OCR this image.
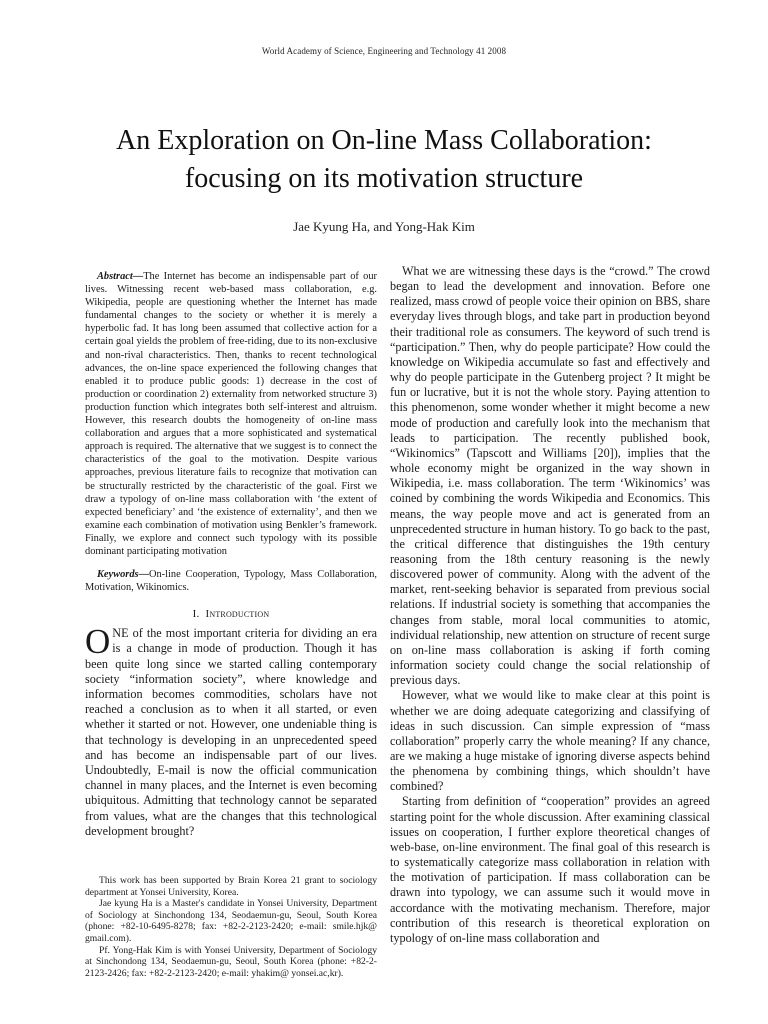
World Academy of Science, Engineering and Technology 41 2008
An Exploration on On-line Mass Collaboration:
focusing on its motivation structure
Jae Kyung Ha, and Yong-Hak Kim

Abstract—The Internet has become an indispensable part of our lives. Witnessing recent web-based mass collaboration, e.g. Wikipedia, people are questioning whether the Internet has made fundamental changes to the society or whether it is merely a hyperbolic fad. It has long been assumed that collective action for a certain goal yields the problem of free-riding, due to its non-exclusive and non-rival characteristics. Then, thanks to recent technological advances, the on-line space experienced the following changes that enabled it to produce public goods: 1) decrease in the cost of production or coordination 2) externality from networked structure 3) production function which integrates both self-interest and altruism. However, this research doubts the homogeneity of on-line mass collaboration and argues that a more sophisticated and systematical approach is required. The alternative that we suggest is to connect the characteristics of the goal to the motivation. Despite various approaches, previous literature fails to recognize that motivation can be structurally restricted by the characteristic of the goal. First we draw a typology of on-line mass collaboration with ‘the extent of expected beneficiary’ and ‘the existence of externality’, and then we examine each combination of motivation using Benkler’s framework. Finally, we explore and connect such typology with its possible dominant participating motivation

Keywords—On-line Cooperation, Typology, Mass Collaboration, Motivation, Wikinomics.

I. Introduction

ONE of the most important criteria for dividing an era is a change in mode of production. Though it has been quite long since we started calling contemporary society “information society”, where knowledge and information becomes commodities, scholars have not reached a conclusion as to when it all started, or even whether it started or not. However, one undeniable thing is that technology is developing in an unprecedented speed and has become an indispensable part of our lives. Undoubtedly, E-mail is now the official communication channel in many places, and the Internet is even becoming ubiquitous. Admitting that technology cannot be separated from values, what are the changes that this technological development brought?

This work has been supported by Brain Korea 21 grant to sociology department at Yonsei University, Korea.

Jae kyung Ha is a Master's candidate in Yonsei University, Department of Sociology at Sinchondong 134, Seodaemun-gu, Seoul, South Korea (phone: +82-10-6495-8278; fax: +82-2-2123-2420; e-mail: smile.hjk@ gmail.com).

Pf. Yong-Hak Kim is with Yonsei University, Department of Sociology at Sinchondong 134, Seodaemun-gu, Seoul, South Korea (phone: +82-2-2123-2426; fax: +82-2-2123-2420; e-mail: yhakim@ yonsei.ac,kr).

What we are witnessing these days is the “crowd.” The crowd began to lead the development and innovation. Before one realized, mass crowd of people voice their opinion on BBS, share everyday lives through blogs, and take part in production beyond their traditional role as consumers. The keyword of such trend is “participation.” Then, why do people participate? How could the knowledge on Wikipedia accumulate so fast and effectively and why do people participate in the Gutenberg project ? It might be fun or lucrative, but it is not the whole story. Paying attention to this phenomenon, some wonder whether it might become a new mode of production and carefully look into the mechanism that leads to participation. The recently published book, “Wikinomics” (Tapscott and Williams [20]), implies that the whole economy might be organized in the way shown in Wikipedia, i.e. mass collaboration. The term ‘Wikinomics’ was coined by combining the words Wikipedia and Economics. This means, the way people move and act is generated from an unprecedented structure in human history. To go back to the past, the critical difference that distinguishes the 19th century reasoning from the 18th century reasoning is the newly discovered power of community. Along with the advent of the market, rent-seeking behavior is separated from previous social relations. If industrial society is something that accompanies the changes from stable, moral local communities to atomic, individual relationship, new attention on structure of recent surge on on-line mass collaboration is asking if forth coming information society could change the social relationship of previous days.

However, what we would like to make clear at this point is whether we are doing adequate categorizing and classifying of ideas in such discussion. Can simple expression of “mass collaboration” properly carry the whole meaning? If any chance, are we making a huge mistake of ignoring diverse aspects behind the phenomena by combining things, which shouldn’t have combined?

Starting from definition of “cooperation” provides an agreed starting point for the whole discussion. After examining classical issues on cooperation, I further explore theoretical changes of web-base, on-line environment. The final goal of this research is to systematically categorize mass collaboration in relation with the motivation of participation. If mass collaboration can be drawn into typology, we can assume such it would move in accordance with the motivating mechanism. Therefore, major contribution of this research is theoretical exploration on typology of on-line mass collaboration and
